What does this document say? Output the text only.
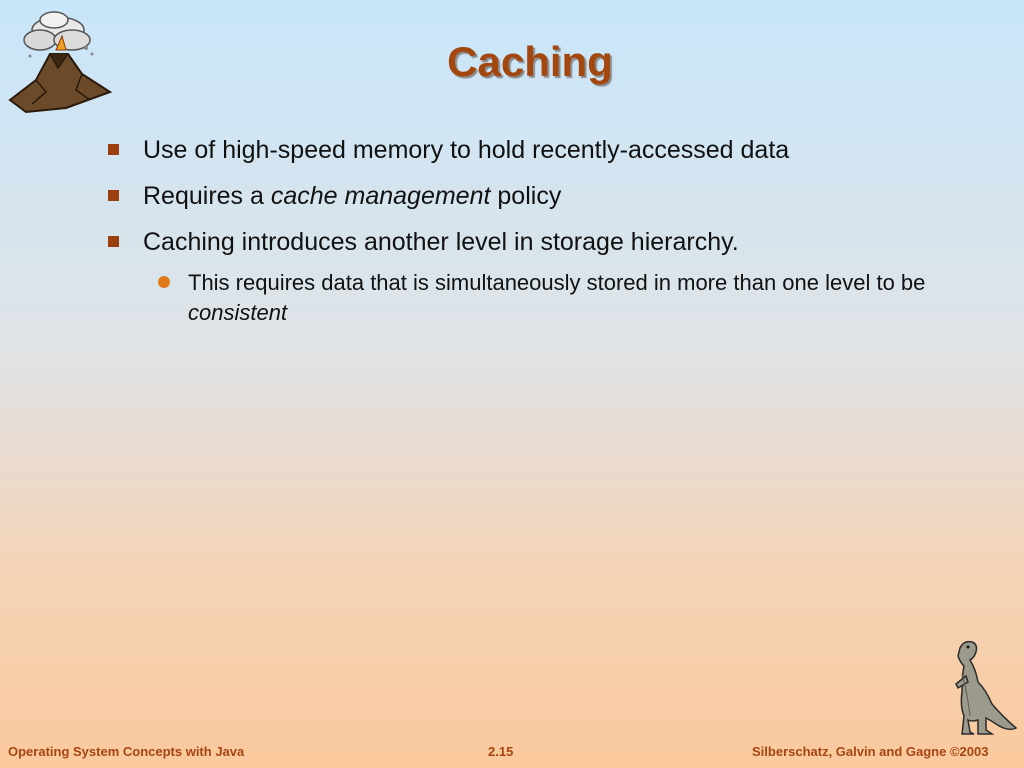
Caching
Use of high-speed memory to hold recently-accessed data
Requires a cache management policy
Caching introduces another level in storage hierarchy.
This requires data that is simultaneously stored in more than one level to be consistent
Operating System Concepts with Java	2.15	Silberschatz, Galvin and Gagne ©2003
